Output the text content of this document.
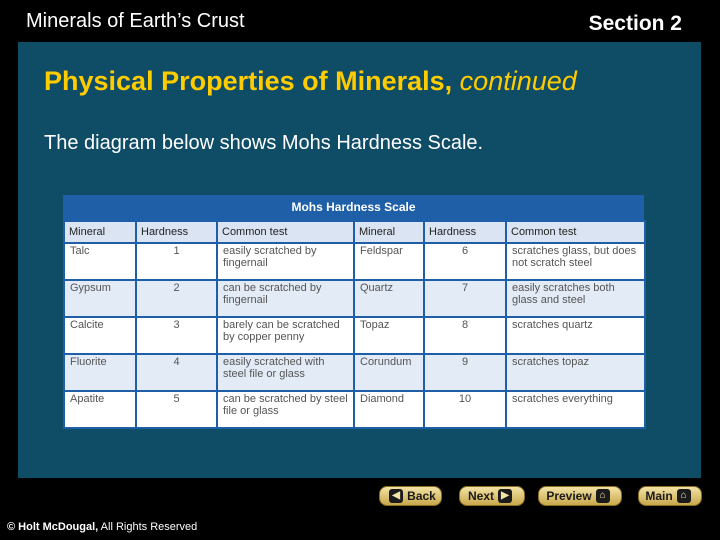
Minerals of Earth’s Crust	Section 2
Physical Properties of Minerals, continued
The diagram below shows Mohs Hardness Scale.
Mohs Hardness Scale
Mineral	Hardness	Common test	Mineral	Hardness	Common test
Talc	1	easily scratched by fingernail	Feldspar	6	scratches glass, but does not scratch steel
Gypsum	2	can be scratched by fingernail	Quartz	7	easily scratches both glass and steel
Calcite	3	barely can be scratched by copper penny	Topaz	8	scratches quartz
Fluorite	4	easily scratched with steel file or glass	Corundum	9	scratches topaz
Apatite	5	can be scratched by steel file or glass	Diamond	10	scratches everything
◀ Back	Next ▶	Preview ⌂	Main ⌂
© Holt McDougal, All Rights Reserved
